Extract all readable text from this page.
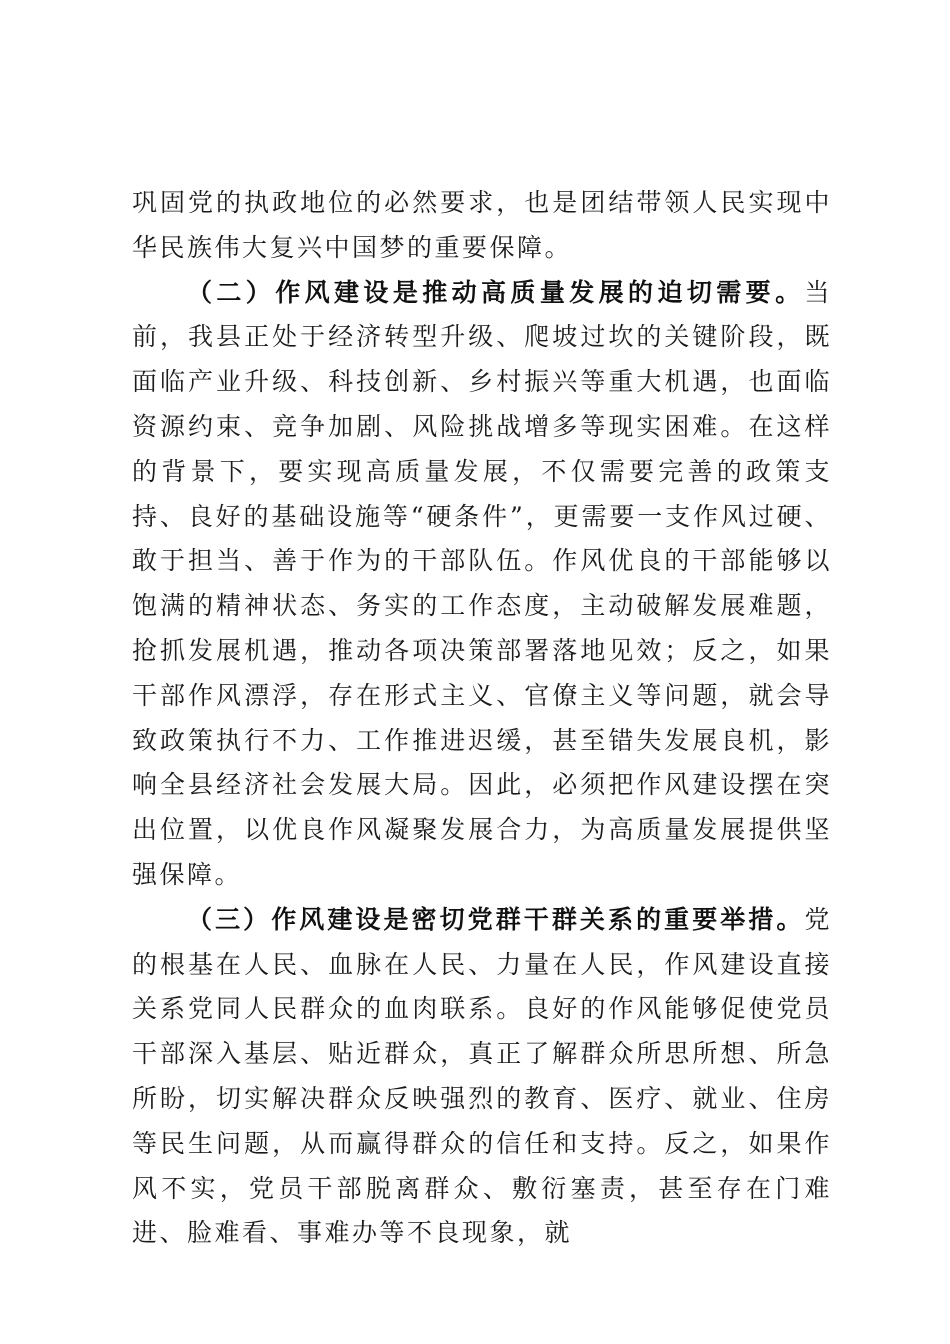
巩固党的执政地位的必然要求，也是团结带领人民实现中华民族伟大复兴中国梦的重要保障。

（二）作风建设是推动高质量发展的迫切需要。当前，我县正处于经济转型升级、爬坡过坎的关键阶段，既面临产业升级、科技创新、乡村振兴等重大机遇，也面临资源约束、竞争加剧、风险挑战增多等现实困难。在这样的背景下，要实现高质量发展，不仅需要完善的政策支持、良好的基础设施等“硬条件”，更需要一支作风过硬、敢于担当、善于作为的干部队伍。作风优良的干部能够以饱满的精神状态、务实的工作态度，主动破解发展难题，抢抓发展机遇，推动各项决策部署落地见效；反之，如果干部作风漂浮，存在形式主义、官僚主义等问题，就会导致政策执行不力、工作推进迟缓，甚至错失发展良机，影响全县经济社会发展大局。因此，必须把作风建设摆在突出位置，以优良作风凝聚发展合力，为高质量发展提供坚强保障。

（三）作风建设是密切党群干群关系的重要举措。党的根基在人民、血脉在人民、力量在人民，作风建设直接关系党同人民群众的血肉联系。良好的作风能够促使党员干部深入基层、贴近群众，真正了解群众所思所想、所急所盼，切实解决群众反映强烈的教育、医疗、就业、住房等民生问题，从而赢得群众的信任和支持。反之，如果作风不实，党员干部脱离群众、敷衍塞责，甚至存在门难进、脸难看、事难办等不良现象，就
